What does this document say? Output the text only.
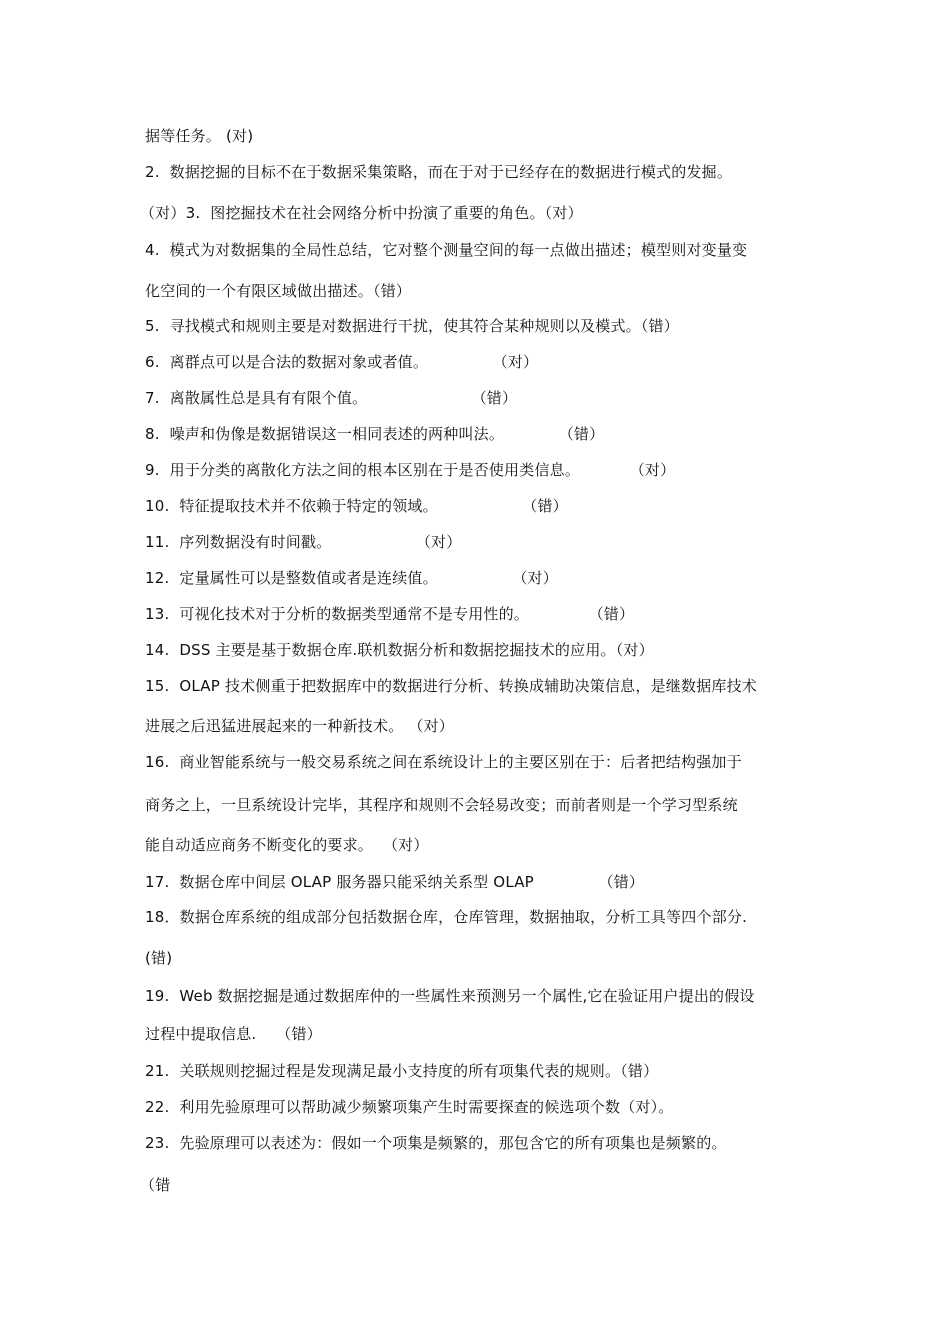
据等任务。 (对)
2.  数据挖掘的目标不在于数据采集策略，而在于对于已经存在的数据进行模式的发掘。
（对）3.  图挖掘技术在社会网络分析中扮演了重要的角色。（对）
4.  模式为对数据集的全局性总结，它对整个测量空间的每一点做出描述；模型则对变量变
化空间的一个有限区域做出描述。（错）
5.  寻找模式和规则主要是对数据进行干扰，使其符合某种规则以及模式。（错）
6.  离群点可以是合法的数据对象或者值。             （对）
7.  离散属性总是具有有限个值。                     （错）
8.  噪声和伪像是数据错误这一相同表述的两种叫法。           （错）
9.  用于分类的离散化方法之间的根本区别在于是否使用类信息。          （对）
10.  特征提取技术并不依赖于特定的领域。                 （错）
11.  序列数据没有时间戳。                 （对）
12.  定量属性可以是整数值或者是连续值。               （对）
13.  可视化技术对于分析的数据类型通常不是专用性的。            （错）
14.  DSS 主要是基于数据仓库.联机数据分析和数据挖掘技术的应用。（对）
15.  OLAP 技术侧重于把数据库中的数据进行分析、转换成辅助决策信息，是继数据库技术
进展之后迅猛进展起来的一种新技术。 （对）
16.  商业智能系统与一般交易系统之间在系统设计上的主要区别在于：后者把结构强加于
商务之上，一旦系统设计完毕，其程序和规则不会轻易改变；而前者则是一个学习型系统
能自动适应商务不断变化的要求。  （对）
17.  数据仓库中间层 OLAP 服务器只能采纳关系型 OLAP             （错）
18．数据仓库系统的组成部分包括数据仓库，仓库管理，数据抽取，分析工具等四个部分.
(错)
19.  Web 数据挖掘是通过数据库仲的一些属性来预测另一个属性,它在验证用户提出的假设
过程中提取信息.    （错）
21.  关联规则挖掘过程是发现满足最小支持度的所有项集代表的规则。（错）
22.  利用先验原理可以帮助减少频繁项集产生时需要探查的候选项个数（对）。
23.  先验原理可以表述为：假如一个项集是频繁的，那包含它的所有项集也是频繁的。
（错
